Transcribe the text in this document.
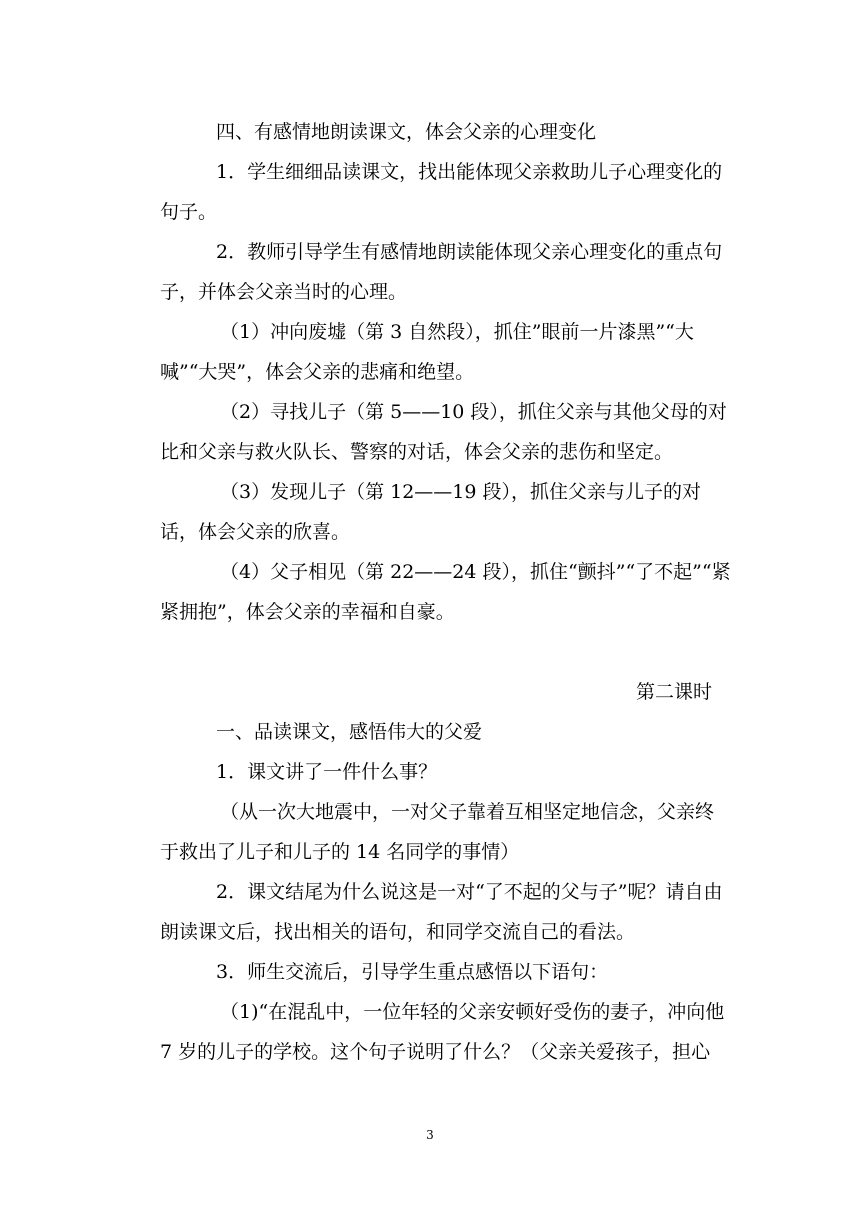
四、有感情地朗读课文，体会父亲的心理变化

1．学生细细品读课文，找出能体现父亲救助儿子心理变化的句子。

2．教师引导学生有感情地朗读能体现父亲心理变化的重点句子，并体会父亲当时的心理。

（1）冲向废墟（第 3 自然段），抓住”眼前一片漆黑”“大喊”“大哭”，体会父亲的悲痛和绝望。

（2）寻找儿子（第 5——10 段），抓住父亲与其他父母的对比和父亲与救火队长、警察的对话，体会父亲的悲伤和坚定。

（3）发现儿子（第 12——19 段），抓住父亲与儿子的对话，体会父亲的欣喜。

（4）父子相见（第 22——24 段），抓住“颤抖”“了不起”“紧紧拥抱”，体会父亲的幸福和自豪。

第二课时

一、品读课文，感悟伟大的父爱

1．课文讲了一件什么事？

（从一次大地震中，一对父子靠着互相坚定地信念，父亲终于救出了儿子和儿子的 14 名同学的事情）

2．课文结尾为什么说这是一对“了不起的父与子”呢？请自由朗读课文后，找出相关的语句，和同学交流自己的看法。

3．师生交流后，引导学生重点感悟以下语句：

（1)“在混乱中，一位年轻的父亲安顿好受伤的妻子，冲向他 7 岁的儿子的学校。这个句子说明了什么？（父亲关爱孩子，担心

3
